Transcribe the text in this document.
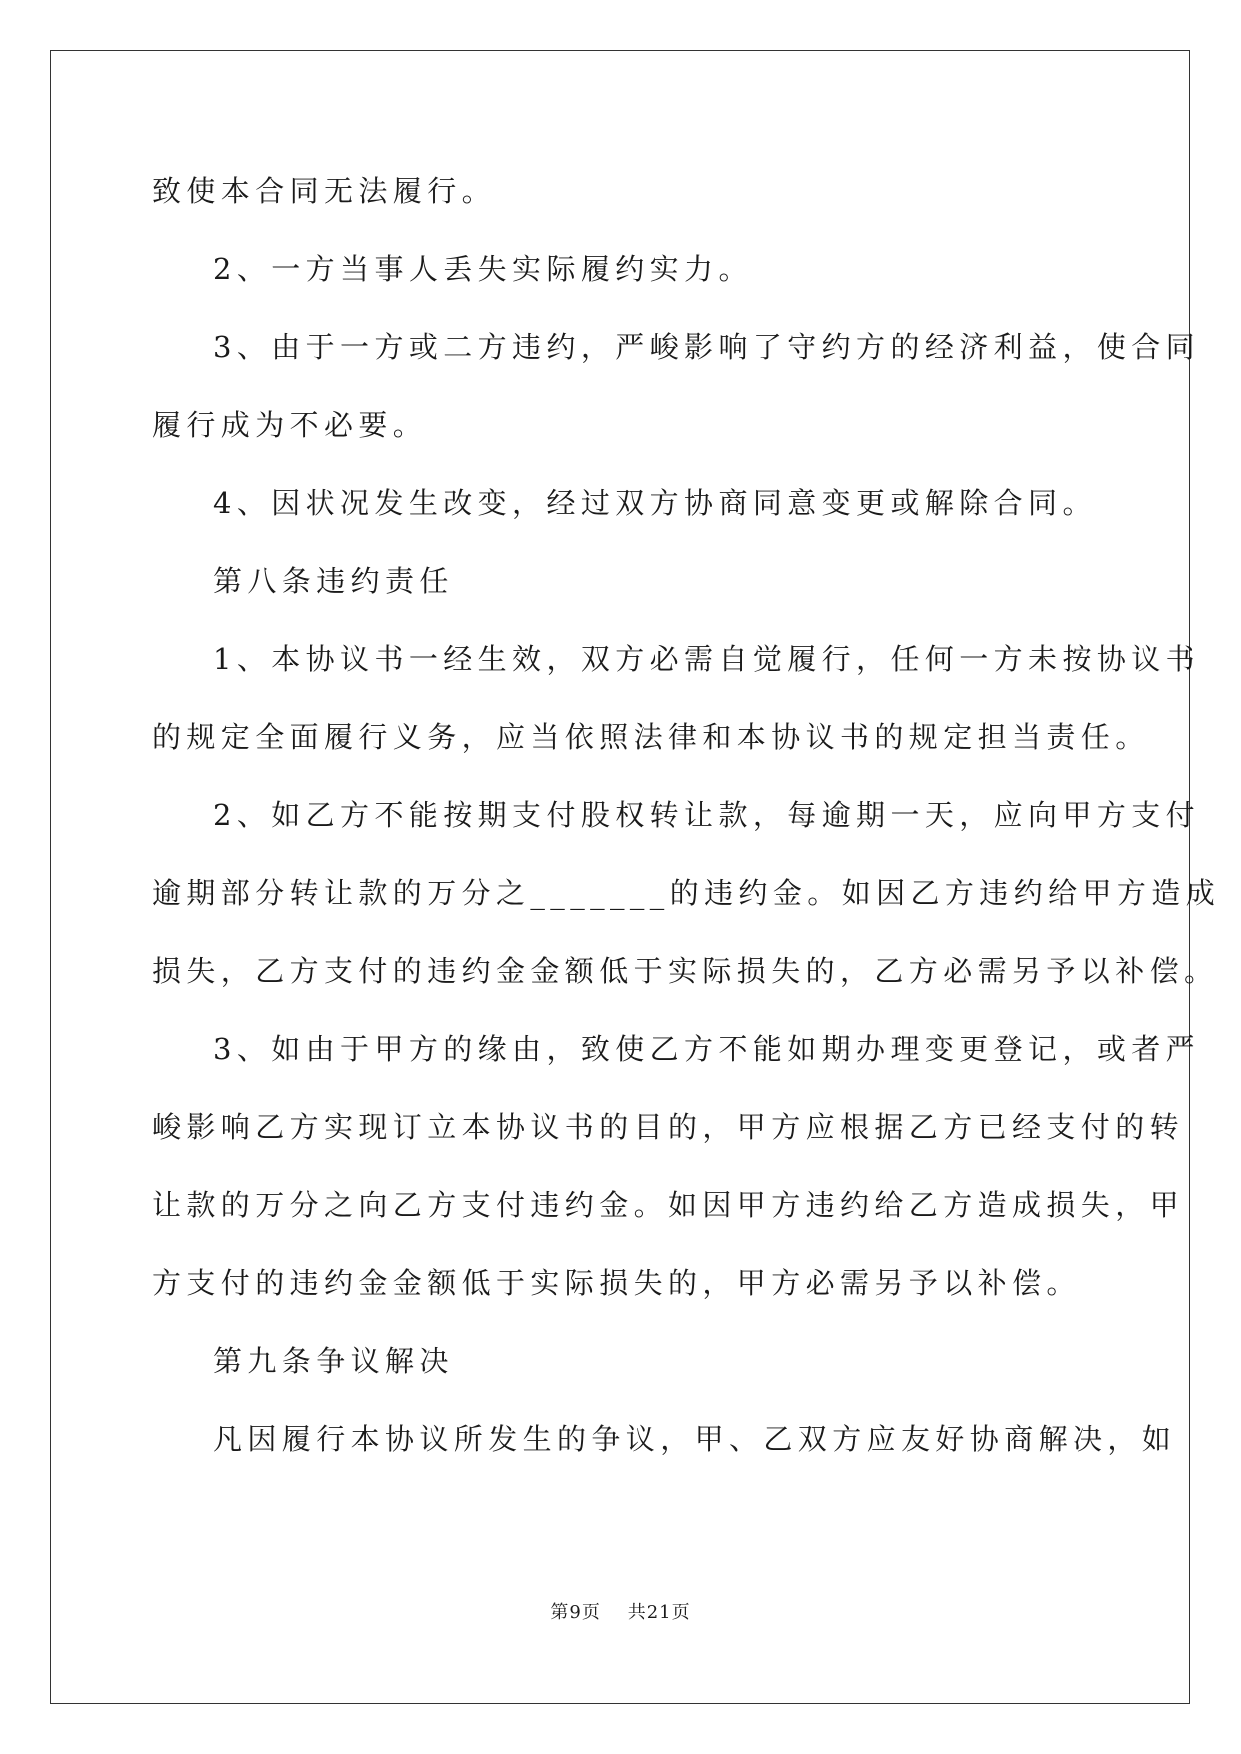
致使本合同无法履行。

2、一方当事人丢失实际履约实力。

3、由于一方或二方违约，严峻影响了守约方的经济利益，使合同

履行成为不必要。

4、因状况发生改变，经过双方协商同意变更或解除合同。

第八条违约责任

1、本协议书一经生效，双方必需自觉履行，任何一方未按协议书

的规定全面履行义务，应当依照法律和本协议书的规定担当责任。

2、如乙方不能按期支付股权转让款，每逾期一天，应向甲方支付

逾期部分转让款的万分之_______的违约金。如因乙方违约给甲方造成

损失，乙方支付的违约金金额低于实际损失的，乙方必需另予以补偿。

3、如由于甲方的缘由，致使乙方不能如期办理变更登记，或者严

峻影响乙方实现订立本协议书的目的，甲方应根据乙方已经支付的转

让款的万分之向乙方支付违约金。如因甲方违约给乙方造成损失，甲

方支付的违约金金额低于实际损失的，甲方必需另予以补偿。

第九条争议解决

凡因履行本协议所发生的争议，甲、乙双方应友好协商解决，如

第9页    共21页
